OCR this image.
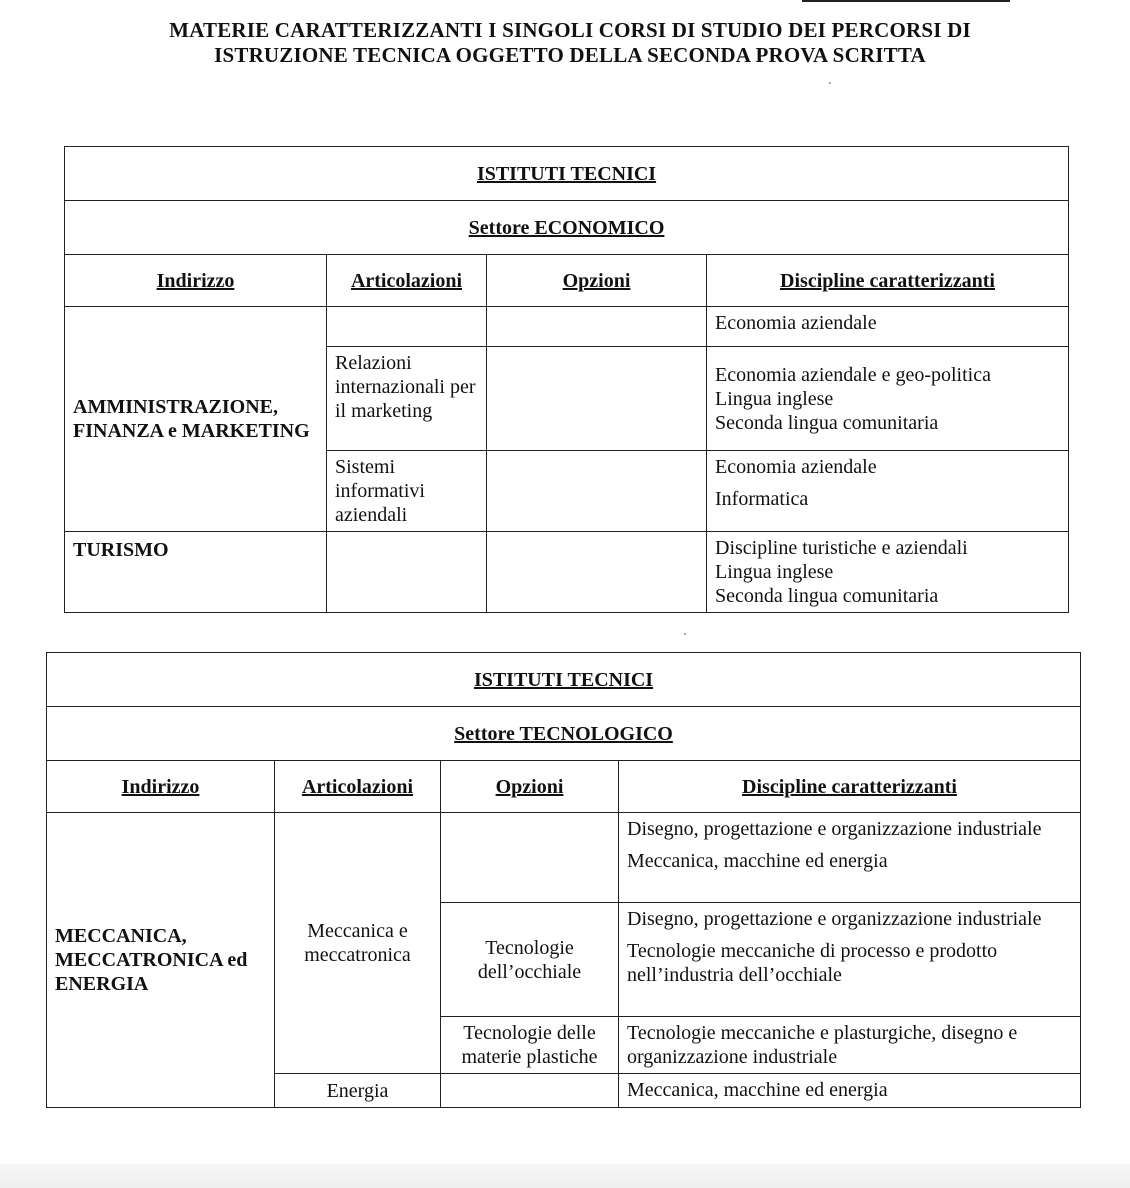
MATERIE CARATTERIZZANTI I SINGOLI CORSI DI STUDIO DEI PERCORSI DI
ISTRUZIONE TECNICA OGGETTO DELLA SECONDA PROVA SCRITTA
ISTITUTI TECNICI			
Settore ECONOMICO			
Indirizzo	Articolazioni	Opzioni	Discipline caratterizzanti
AMMINISTRAZIONE, FINANZA e MARKETING			Economia aziendale

	Relazioni internazionali per il marketing		Economia aziendale e geo-politica
Lingua inglese
Seconda lingua comunitaria

	Sistemi informativi aziendali		Economia aziendale
Informatica

TURISMO			Discipline turistiche e aziendali
Lingua inglese
Seconda lingua comunitaria
ISTITUTI TECNICI			
Settore TECNOLOGICO			
Indirizzo	Articolazioni	Opzioni	Discipline caratterizzanti
MECCANICA, MECCATRONICA ed ENERGIA	Meccanica e meccatronica		Disegno, progettazione e organizzazione industriale
Meccanica, macchine ed energia

		Tecnologie dell’occhiale	Disegno, progettazione e organizzazione industriale
Tecnologie meccaniche di processo e prodotto nell’industria dell’occhiale

		Tecnologie delle materie plastiche	Tecnologie meccaniche e plasturgiche, disegno e organizzazione industriale

	Energia		Meccanica, macchine ed energia
